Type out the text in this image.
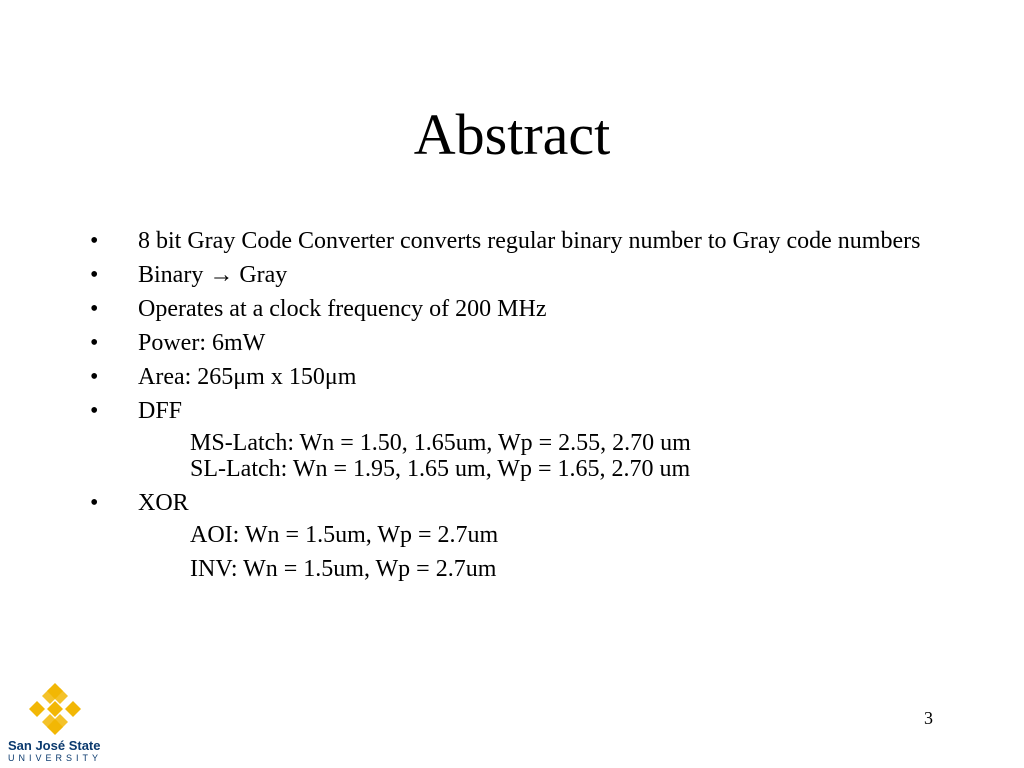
Abstract
• 8 bit Gray Code Converter converts regular binary number to Gray code numbers
• Binary → Gray
• Operates at a clock frequency of 200 MHz
• Power: 6mW
• Area: 265μm x 150μm
• DFF
MS-Latch: Wn = 1.50, 1.65um, Wp = 2.55, 2.70 um
SL-Latch: Wn = 1.95, 1.65 um, Wp = 1.65, 2.70 um
• XOR
AOI: Wn = 1.5um, Wp = 2.7um
INV: Wn = 1.5um, Wp = 2.7um
3
San José State
UNIVERSITY
